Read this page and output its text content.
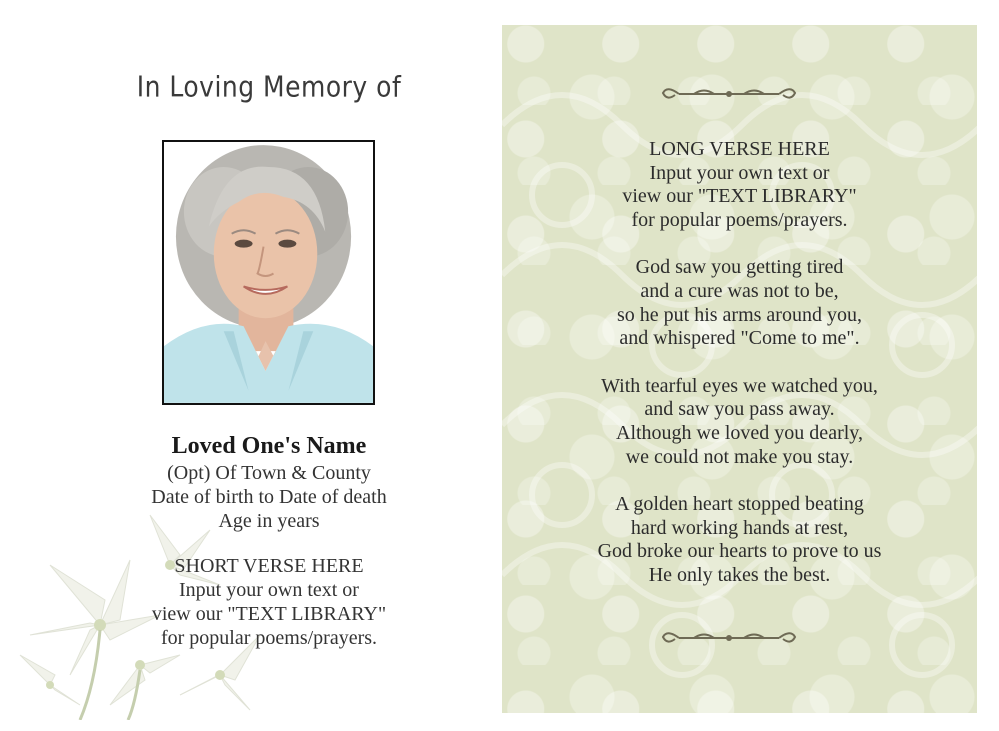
In Loving Memory of
Loved One's Name
(Opt) Of Town & County
Date of birth to Date of death
Age in years
SHORT VERSE HERE
Input your own text or
view our "TEXT LIBRARY"
for popular poems/prayers.
LONG VERSE HERE
Input your own text or
view our "TEXT LIBRARY"
for popular poems/prayers.
God saw you getting tired
and a cure was not to be,
so he put his arms around you,
and whispered "Come to me".
With tearful eyes we watched you,
and saw you pass away.
Although we loved you dearly,
we could not make you stay.
A golden heart stopped beating
hard working hands at rest,
God broke our hearts to prove to us
He only takes the best.
